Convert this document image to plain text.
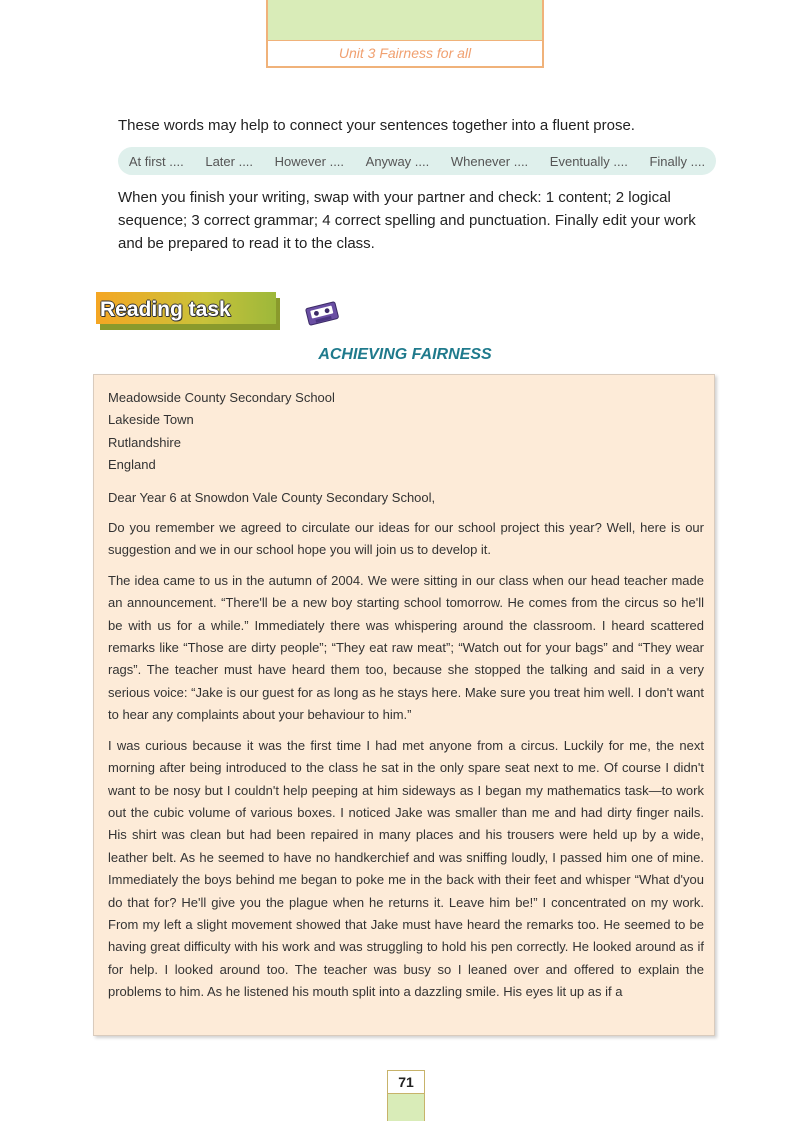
Unit 3 Fairness for all
These words may help to connect your sentences together into a fluent prose.
At first .... Later .... However .... Anyway .... Whenever .... Eventually .... Finally ....
When you finish your writing, swap with your partner and check: 1 content; 2 logical sequence; 3 correct grammar; 4 correct spelling and punctuation. Finally edit your work and be prepared to read it to the class.
Reading task
ACHIEVING FAIRNESS
Meadowside County Secondary School
Lakeside Town
Rutlandshire
England
Dear Year 6 at Snowdon Vale County Secondary School,

Do you remember we agreed to circulate our ideas for our school project this year? Well, here is our suggestion and we in our school hope you will join us to develop it.

The idea came to us in the autumn of 2004. We were sitting in our class when our head teacher made an announcement. “There'll be a new boy starting school tomorrow. He comes from the circus so he'll be with us for a while.” Immediately there was whispering around the classroom. I heard scattered remarks like “Those are dirty people”; “They eat raw meat”; “Watch out for your bags” and “They wear rags”. The teacher must have heard them too, because she stopped the talking and said in a very serious voice: “Jake is our guest for as long as he stays here. Make sure you treat him well. I don't want to hear any complaints about your behaviour to him.”

I was curious because it was the first time I had met anyone from a circus. Luckily for me, the next morning after being introduced to the class he sat in the only spare seat next to me. Of course I didn't want to be nosy but I couldn't help peeping at him sideways as I began my mathematics task—to work out the cubic volume of various boxes. I noticed Jake was smaller than me and had dirty finger nails. His shirt was clean but had been repaired in many places and his trousers were held up by a wide, leather belt. As he seemed to have no handkerchief and was sniffing loudly, I passed him one of mine. Immediately the boys behind me began to poke me in the back with their feet and whisper “What d'you do that for? He'll give you the plague when he returns it. Leave him be!” I concentrated on my work. From my left a slight movement showed that Jake must have heard the remarks too. He seemed to be having great difficulty with his work and was struggling to hold his pen correctly. He looked around as if for help. I looked around too. The teacher was busy so I leaned over and offered to explain the problems to him. As he listened his mouth split into a dazzling smile. His eyes lit up as if a

71
